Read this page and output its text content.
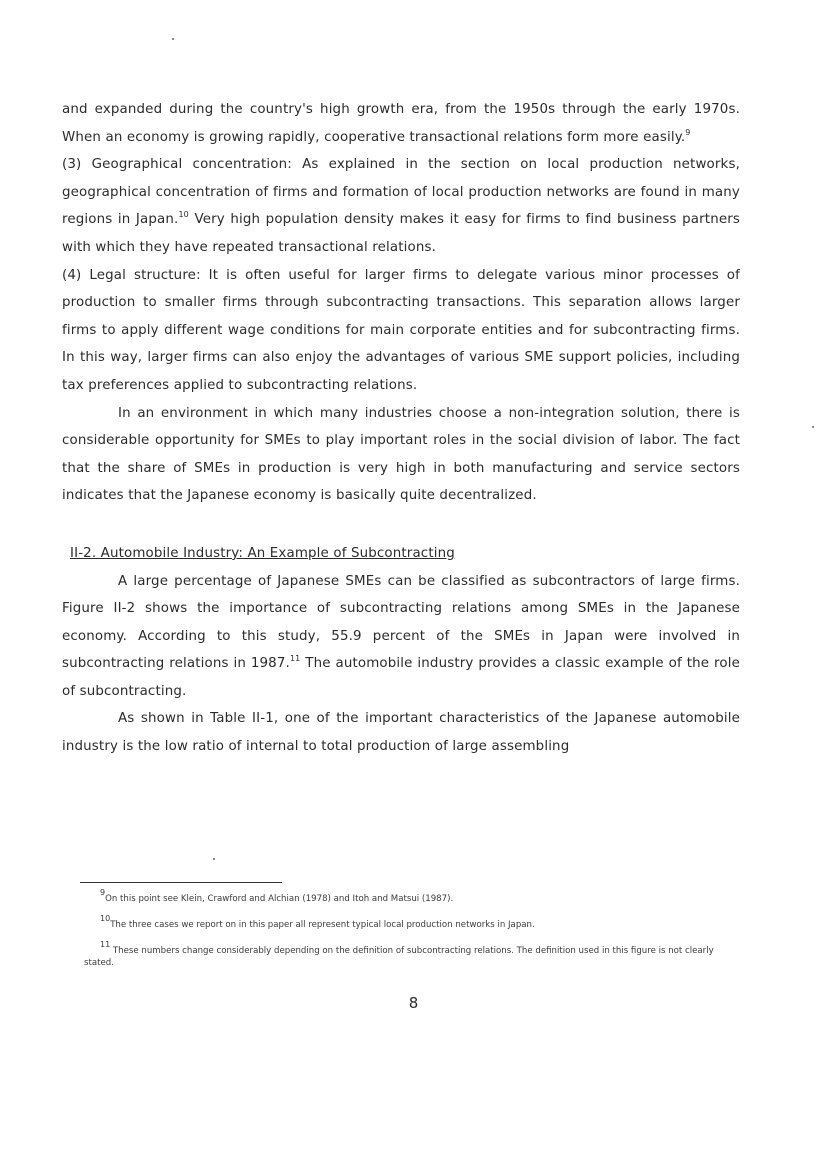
and expanded during the country's high growth era, from the 1950s through the early 1970s. When an economy is growing rapidly, cooperative transactional relations form more easily.$^9$

(3) Geographical concentration: As explained in the section on local production networks, geographical concentration of firms and formation of local production networks are found in many regions in Japan.$^{10}$ Very high population density makes it easy for firms to find business partners with which they have repeated transactional relations.

(4) Legal structure: It is often useful for larger firms to delegate various minor processes of production to smaller firms through subcontracting transactions. This separation allows larger firms to apply different wage conditions for main corporate entities and for subcontracting firms. In this way, larger firms can also enjoy the advantages of various SME support policies, including tax preferences applied to subcontracting relations.

In an environment in which many industries choose a non-integration solution, there is considerable opportunity for SMEs to play important roles in the social division of labor. The fact that the share of SMEs in production is very high in both manufacturing and service sectors indicates that the Japanese economy is basically quite decentralized.

II-2. Automobile Industry: An Example of Subcontracting

A large percentage of Japanese SMEs can be classified as subcontractors of large firms. Figure II-2 shows the importance of subcontracting relations among SMEs in the Japanese economy. According to this study, 55.9 percent of the SMEs in Japan were involved in subcontracting relations in 1987.11 The automobile industry provides a classic example of the role of subcontracting.

As shown in Table II-1, one of the important characteristics of the Japanese automobile industry is the low ratio of internal to total production of large assembling

9On this point see Klein, Crawford and Alchian (1978) and Itoh and Matsui (1987).

10The three cases we report on in this paper all represent typical local production networks in Japan.

11 These numbers change considerably depending on the definition of subcontracting relations. The definition used in this figure is not clearly stated.

8
